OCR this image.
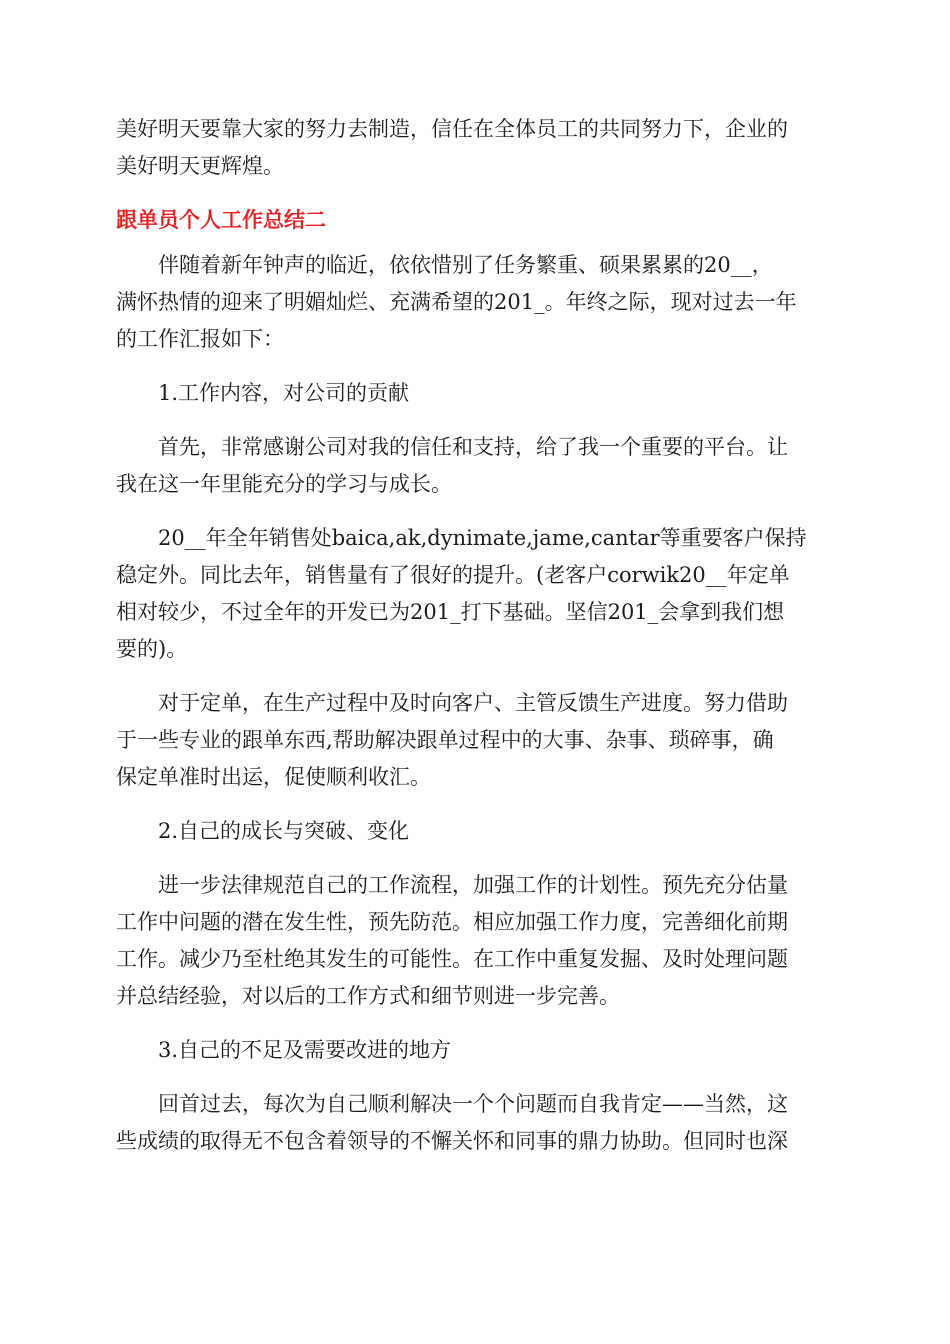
美好明天要靠大家的努力去制造，信任在全体员工的共同努力下，企业的
美好明天更辉煌。

跟单员个人工作总结二

伴随着新年钟声的临近，依依惜别了任务繁重、硕果累累的20__，
满怀热情的迎来了明媚灿烂、充满希望的201_。年终之际，现对过去一年
的工作汇报如下：

1.工作内容，对公司的贡献

首先，非常感谢公司对我的信任和支持，给了我一个重要的平台。让
我在这一年里能充分的学习与成长。

20__年全年销售处baica,ak,dynimate,jame,cantar等重要客户保持
稳定外。同比去年，销售量有了很好的提升。(老客户corwik20__年定单
相对较少，不过全年的开发已为201_打下基础。坚信201_会拿到我们想
要的)。

对于定单，在生产过程中及时向客户、主管反馈生产进度。努力借助
于一些专业的跟单东西,帮助解决跟单过程中的大事、杂事、琐碎事，确
保定单准时出运，促使顺利收汇。

2.自己的成长与突破、变化

进一步法律规范自己的工作流程，加强工作的计划性。预先充分估量
工作中问题的潜在发生性，预先防范。相应加强工作力度，完善细化前期
工作。减少乃至杜绝其发生的可能性。在工作中重复发掘、及时处理问题
并总结经验，对以后的工作方式和细节则进一步完善。

3.自己的不足及需要改进的地方

回首过去，每次为自己顺利解决一个个问题而自我肯定——当然，这
些成绩的取得无不包含着领导的不懈关怀和同事的鼎力协助。但同时也深
